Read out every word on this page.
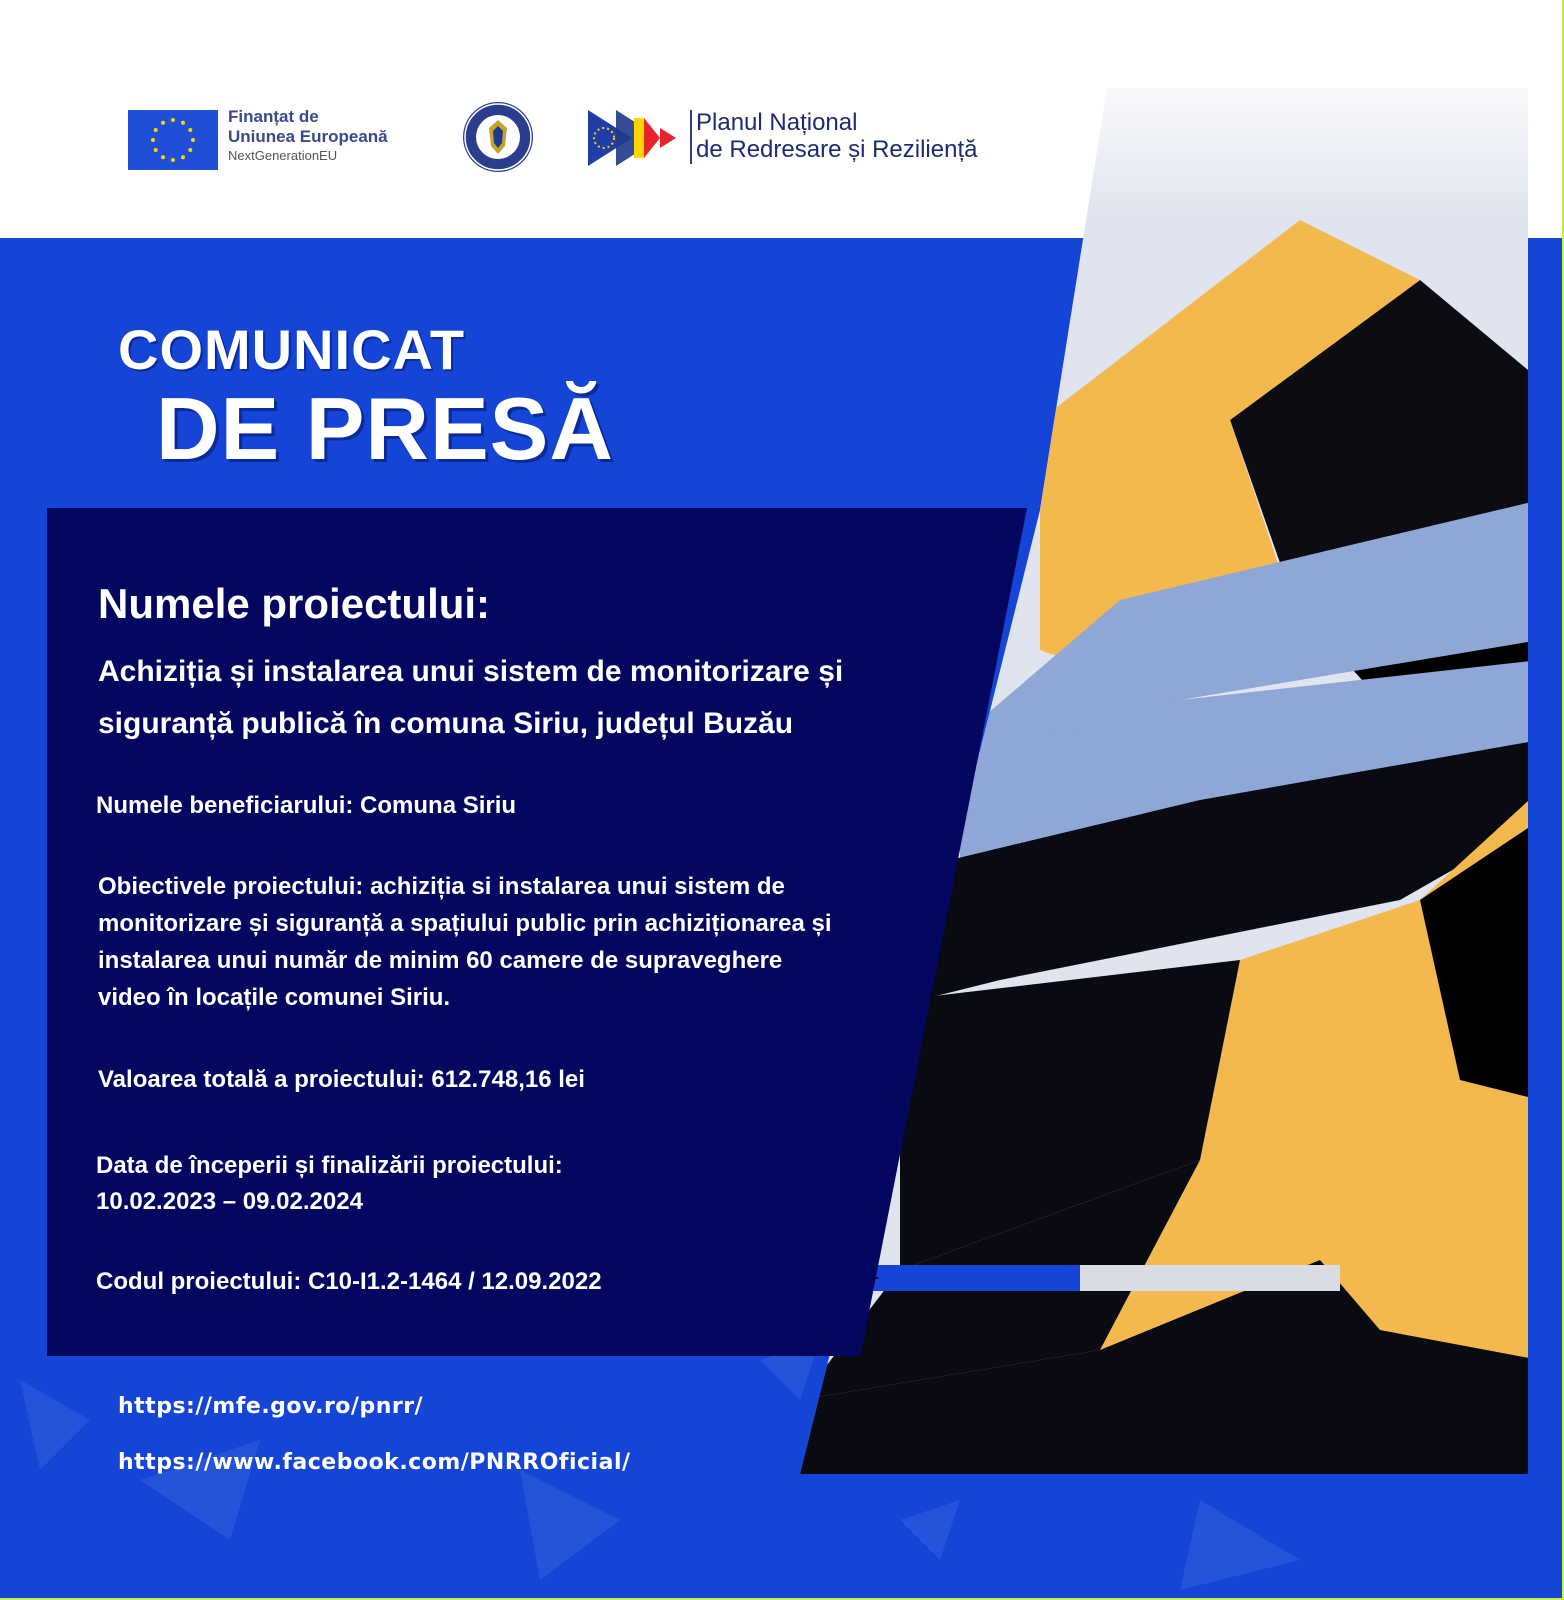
Finanțat de
Uniunea Europeană
NextGenerationEU
Planul Național
de Redresare și Reziliență
COMUNICAT
DE PRESĂ
Numele proiectului:
Achiziția și instalarea unui sistem de monitorizare și
siguranță publică în comuna Siriu, județul Buzău
Numele beneficiarului: Comuna Siriu
Obiectivele proiectului: achiziția si instalarea unui sistem de
monitorizare și siguranță a spațiului public prin achiziționarea și
instalarea unui număr de minim 60 camere de supraveghere
video în locațile comunei Siriu.
Valoarea totală a proiectului: 612.748,16 lei
Data de începerii și finalizării proiectului:
10.02.2023 – 09.02.2024
Codul proiectului: C10-I1.2-1464 / 12.09.2022
https://mfe.gov.ro/pnrr/
https://www.facebook.com/PNRROficial/
